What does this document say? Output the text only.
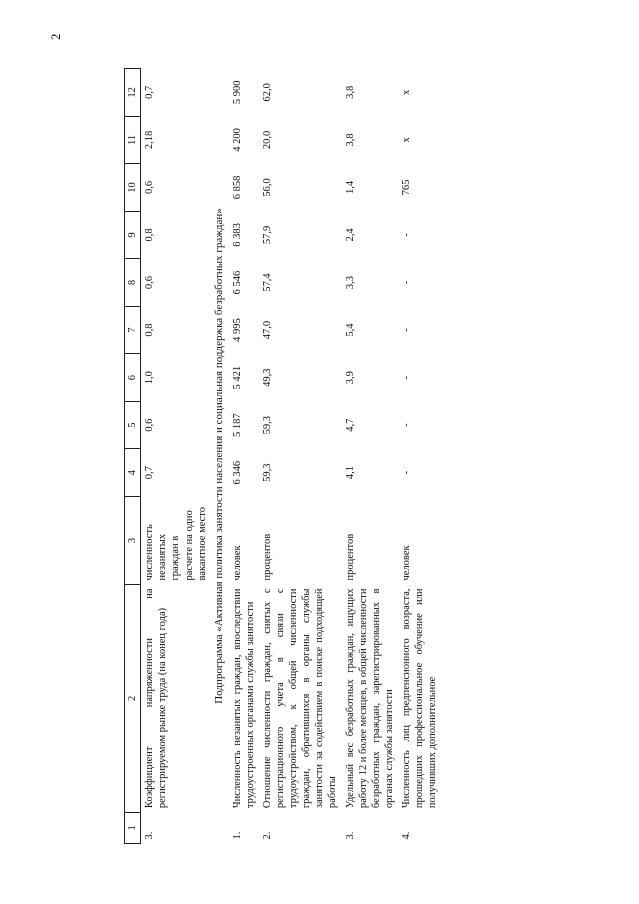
2
1	2	3	4	5	6	7	8	9	10	11	12
3.	Коэффициент напряженности на регистрируемом рынке труда (на конец года)	численность незанятых граждан в расчете на одно вакантное место	0,7	0,6	1,0	0,8	0,6	0,8	0,6	2,18	0,7
Подпрограмма «Активная политика занятости населения и социальная поддержка безработных граждан»											
1.	Численность незанятых граждан, впоследствии трудоустроенных органами службы занятости	человек	6 346	5 187	5 421	4 995	6 546	6 383	6 858	4 200	5 900
2.	Отношение численности граждан, снятых с регистрационного учета в связи с трудоустройством, к общей численности граждан, обратившихся в органы службы занятости за содействием в поиске подходящей работы	процентов	59,3	59,3	49,3	47,0	57,4	57,9	56,0	20,0	62,0
3.	Удельный вес безработных граждан, ищущих работу 12 и более месяцев, в общей численности безработных граждан, зарегистрированных в органах службы занятости	процентов	4,1	4,7	3,9	5,4	3,3	2,4	1,4	3,8	3,8
4.	Численность лиц предпенсионного возраста, прошедших профессиональное обучение или получивших дополнительное	человек	-	-	-	-	-	-	765	x	x
